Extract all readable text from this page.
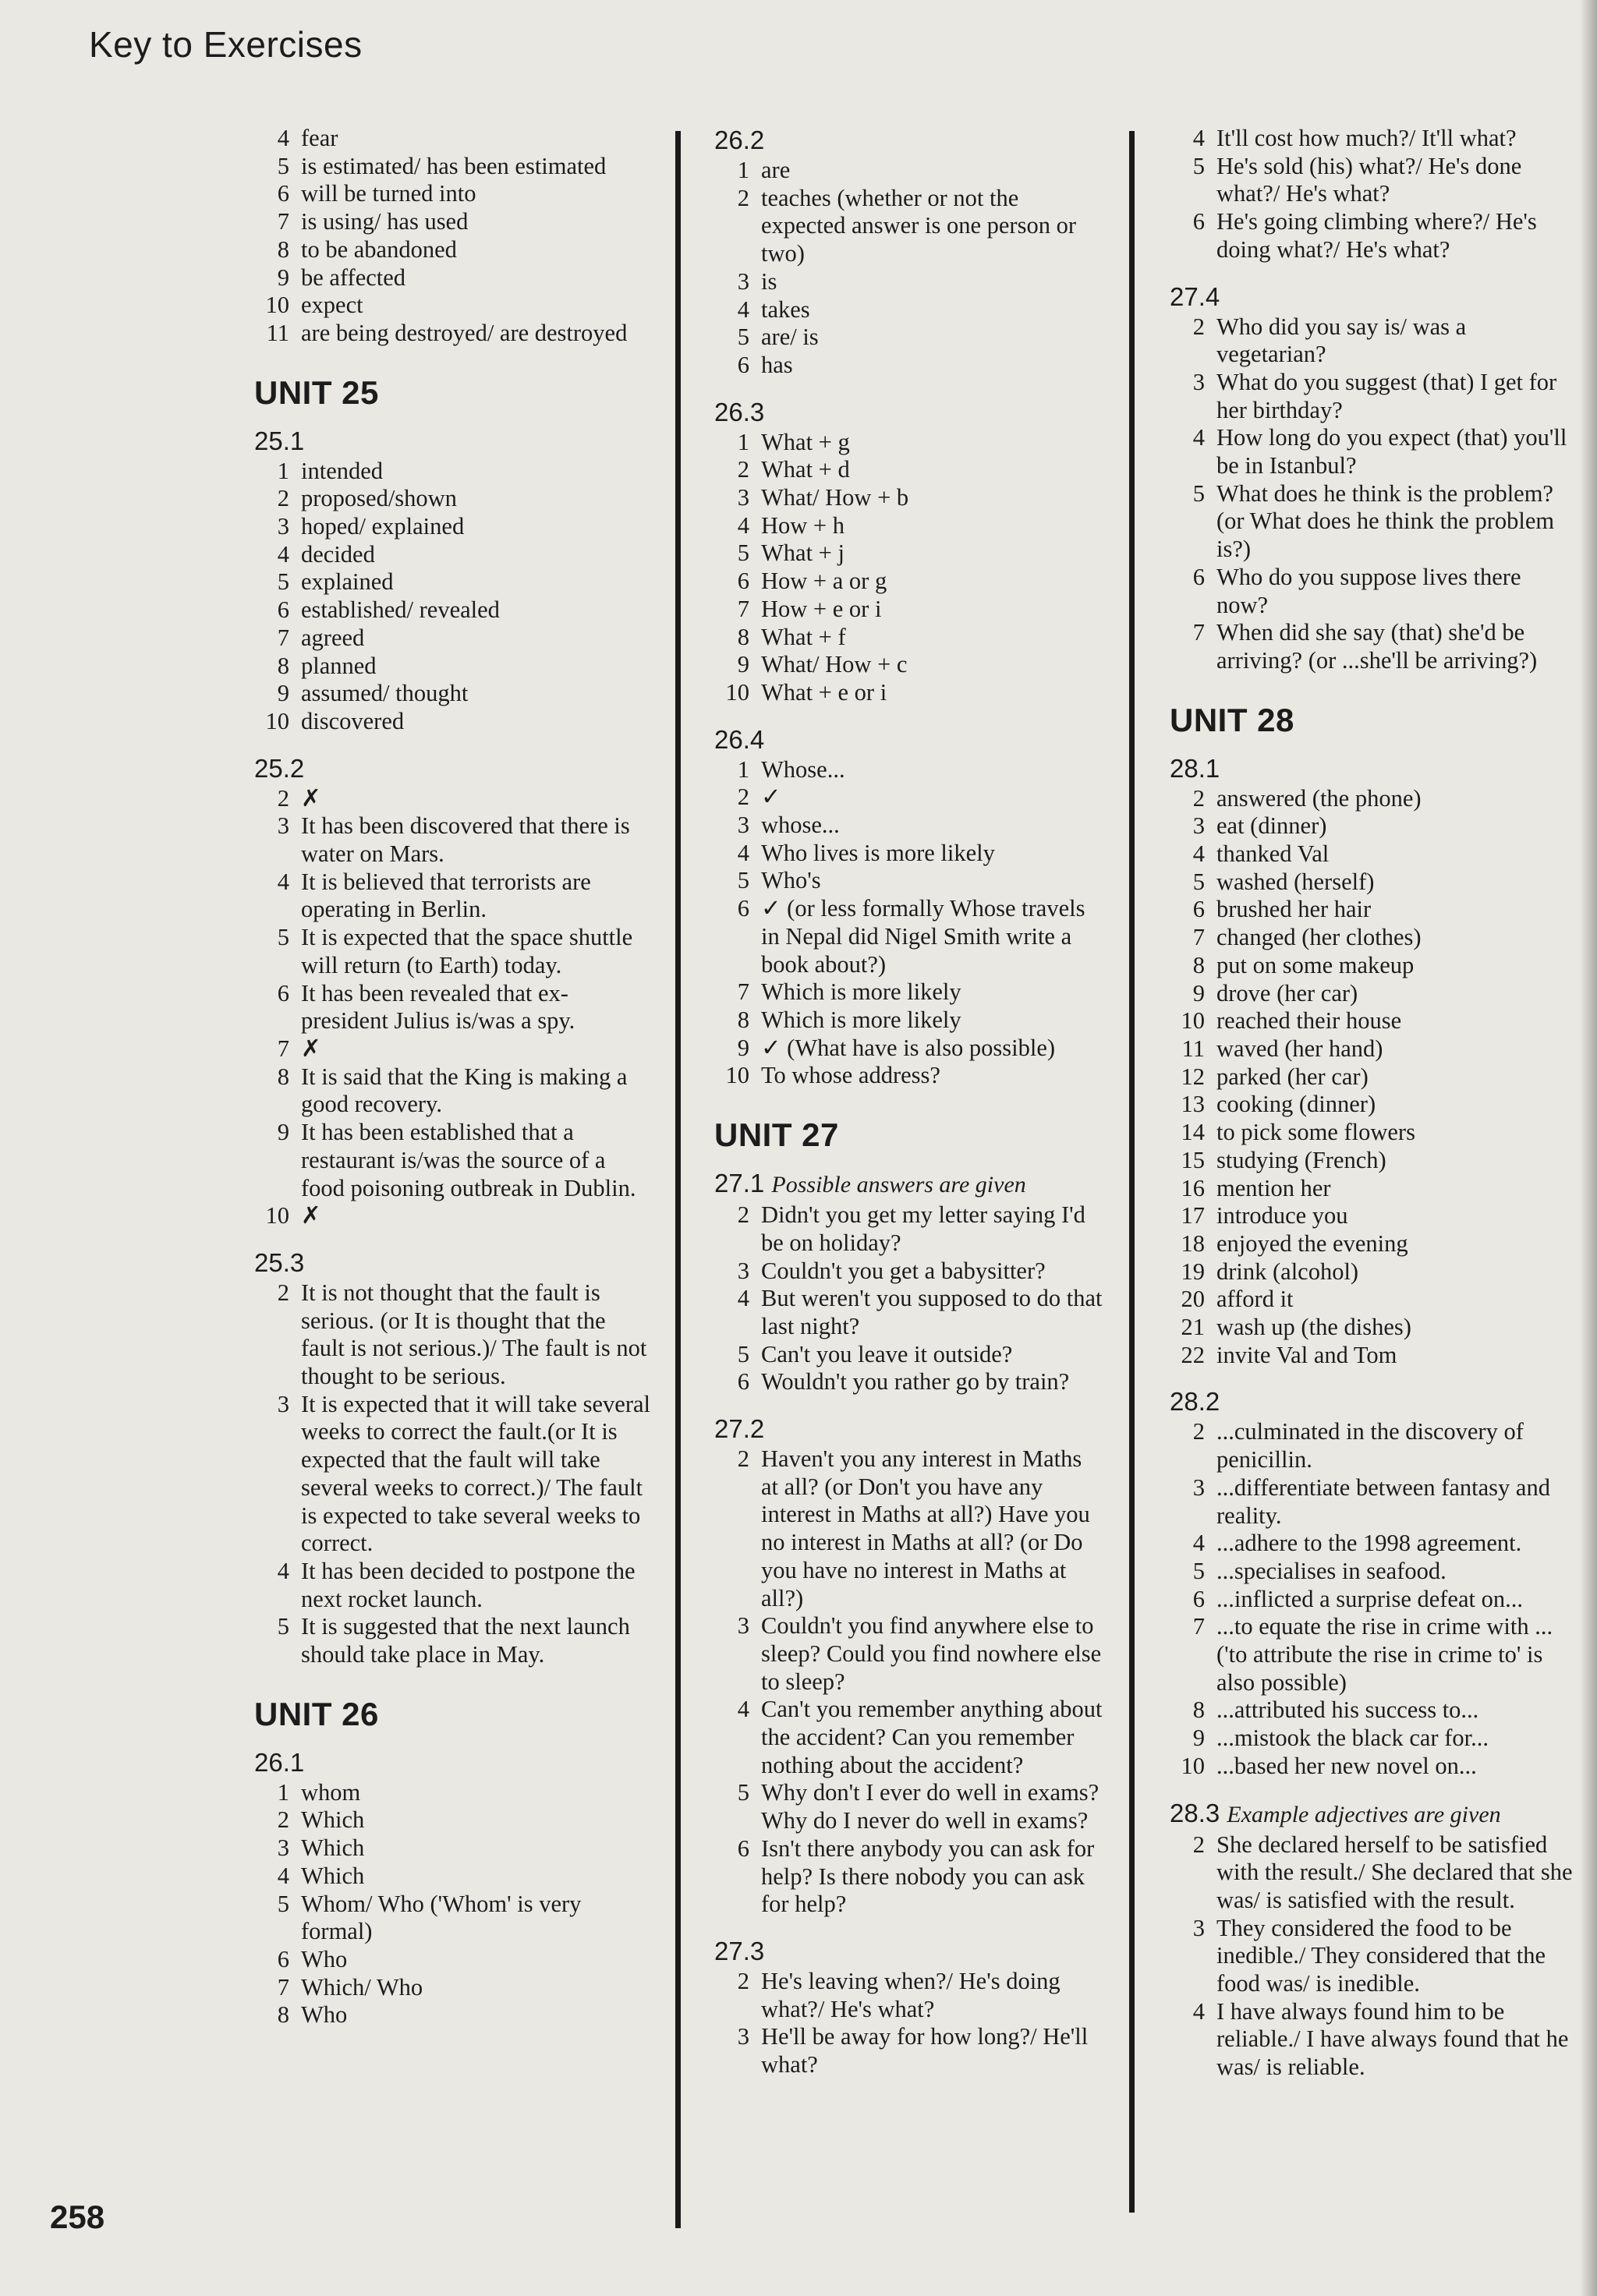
Key to Exercises
4 fear
5 is estimated/ has been estimated
6 will be turned into
7 is using/ has used
8 to be abandoned
9 be affected
10 expect
11 are being destroyed/ are destroyed
UNIT 25
25.1
1 intended
2 proposed/shown
3 hoped/ explained
4 decided
5 explained
6 established/ revealed
7 agreed
8 planned
9 assumed/ thought
10 discovered
25.2
2 ✗
3 It has been discovered that there is water on Mars.
4 It is believed that terrorists are operating in Berlin.
5 It is expected that the space shuttle will return (to Earth) today.
6 It has been revealed that ex-president Julius is/was a spy.
7 ✗
8 It is said that the King is making a good recovery.
9 It has been established that a restaurant is/was the source of a food poisoning outbreak in Dublin.
10 ✗
25.3
2 It is not thought that the fault is serious. (or It is thought that the fault is not serious.)/ The fault is not thought to be serious.
3 It is expected that it will take several weeks to correct the fault.(or It is expected that the fault will take several weeks to correct.)/ The fault is expected to take several weeks to correct.
4 It has been decided to postpone the next rocket launch.
5 It is suggested that the next launch should take place in May.
UNIT 26
26.1
1 whom
2 Which
3 Which
4 Which
5 Whom/ Who ('Whom' is very formal)
6 Who
7 Which/ Who
8 Who
26.2
1 are
2 teaches (whether or not the expected answer is one person or two)
3 is
4 takes
5 are/ is
6 has
26.3
1 What + g
2 What + d
3 What/ How + b
4 How + h
5 What + j
6 How + a or g
7 How + e or i
8 What + f
9 What/ How + c
10 What + e or i
26.4
1 Whose...
2 ✓
3 whose...
4 Who lives is more likely
5 Who's
6 ✓ (or less formally Whose travels in Nepal did Nigel Smith write a book about?)
7 Which is more likely
8 Which is more likely
9 ✓ (What have is also possible)
10 To whose address?
UNIT 27
27.1 Possible answers are given
2 Didn't you get my letter saying I'd be on holiday?
3 Couldn't you get a babysitter?
4 But weren't you supposed to do that last night?
5 Can't you leave it outside?
6 Wouldn't you rather go by train?
27.2
2 Haven't you any interest in Maths at all? (or Don't you have any interest in Maths at all?) Have you no interest in Maths at all? (or Do you have no interest in Maths at all?)
3 Couldn't you find anywhere else to sleep? Could you find nowhere else to sleep?
4 Can't you remember anything about the accident? Can you remember nothing about the accident?
5 Why don't I ever do well in exams? Why do I never do well in exams?
6 Isn't there anybody you can ask for help? Is there nobody you can ask for help?
27.3
2 He's leaving when?/ He's doing what?/ He's what?
3 He'll be away for how long?/ He'll what?
4 It'll cost how much?/ It'll what?
5 He's sold (his) what?/ He's done what?/ He's what?
6 He's going climbing where?/ He's doing what?/ He's what?
27.4
2 Who did you say is/ was a vegetarian?
3 What do you suggest (that) I get for her birthday?
4 How long do you expect (that) you'll be in Istanbul?
5 What does he think is the problem? (or What does he think the problem is?)
6 Who do you suppose lives there now?
7 When did she say (that) she'd be arriving? (or ...she'll be arriving?)
UNIT 28
28.1
2 answered (the phone)
3 eat (dinner)
4 thanked Val
5 washed (herself)
6 brushed her hair
7 changed (her clothes)
8 put on some makeup
9 drove (her car)
10 reached their house
11 waved (her hand)
12 parked (her car)
13 cooking (dinner)
14 to pick some flowers
15 studying (French)
16 mention her
17 introduce you
18 enjoyed the evening
19 drink (alcohol)
20 afford it
21 wash up (the dishes)
22 invite Val and Tom
28.2
2 ...culminated in the discovery of penicillin.
3 ...differentiate between fantasy and reality.
4 ...adhere to the 1998 agreement.
5 ...specialises in seafood.
6 ...inflicted a surprise defeat on...
7 ...to equate the rise in crime with ...('to attribute the rise in crime to' is also possible)
8 ...attributed his success to...
9 ...mistook the black car for...
10 ...based her new novel on...
28.3 Example adjectives are given
2 She declared herself to be satisfied with the result./ She declared that she was/ is satisfied with the result.
3 They considered the food to be inedible./ They considered that the food was/ is inedible.
4 I have always found him to be reliable./ I have always found that he was/ is reliable.
258
